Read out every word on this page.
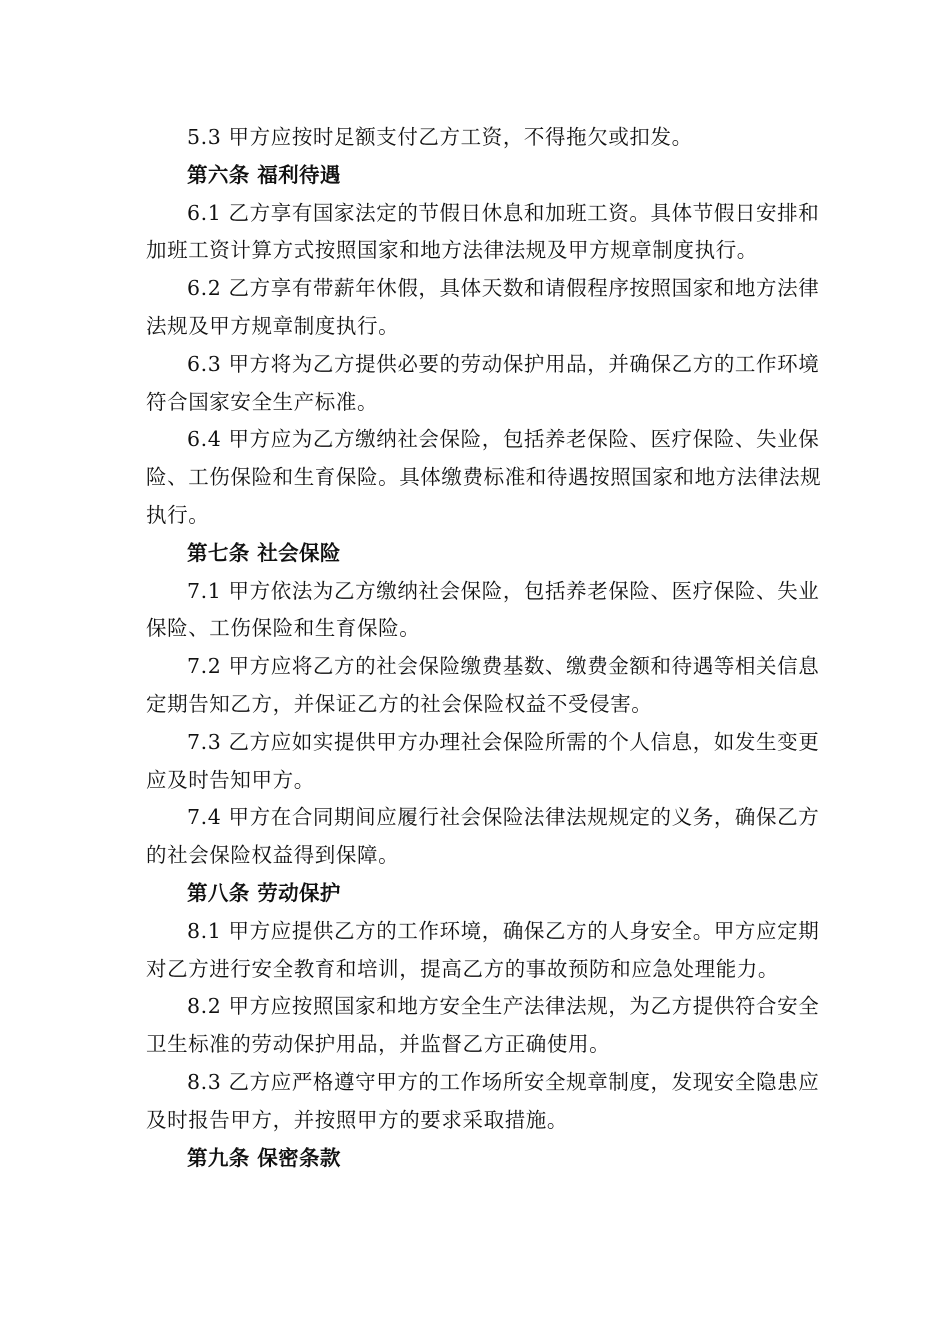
5.3 甲方应按时足额支付乙方工资，不得拖欠或扣发。

第六条 福利待遇

6.1 乙方享有国家法定的节假日休息和加班工资。具体节假日安排和加班工资计算方式按照国家和地方法律法规及甲方规章制度执行。

6.2 乙方享有带薪年休假，具体天数和请假程序按照国家和地方法律法规及甲方规章制度执行。

6.3 甲方将为乙方提供必要的劳动保护用品，并确保乙方的工作环境符合国家安全生产标准。

6.4 甲方应为乙方缴纳社会保险，包括养老保险、医疗保险、失业保险、工伤保险和生育保险。具体缴费标准和待遇按照国家和地方法律法规执行。

第七条 社会保险

7.1 甲方依法为乙方缴纳社会保险，包括养老保险、医疗保险、失业保险、工伤保险和生育保险。

7.2 甲方应将乙方的社会保险缴费基数、缴费金额和待遇等相关信息定期告知乙方，并保证乙方的社会保险权益不受侵害。

7.3 乙方应如实提供甲方办理社会保险所需的个人信息，如发生变更应及时告知甲方。

7.4 甲方在合同期间应履行社会保险法律法规规定的义务，确保乙方的社会保险权益得到保障。

第八条 劳动保护

8.1 甲方应提供乙方的工作环境，确保乙方的人身安全。甲方应定期对乙方进行安全教育和培训，提高乙方的事故预防和应急处理能力。

8.2 甲方应按照国家和地方安全生产法律法规，为乙方提供符合安全卫生标准的劳动保护用品，并监督乙方正确使用。

8.3 乙方应严格遵守甲方的工作场所安全规章制度，发现安全隐患应及时报告甲方，并按照甲方的要求采取措施。

第九条 保密条款
